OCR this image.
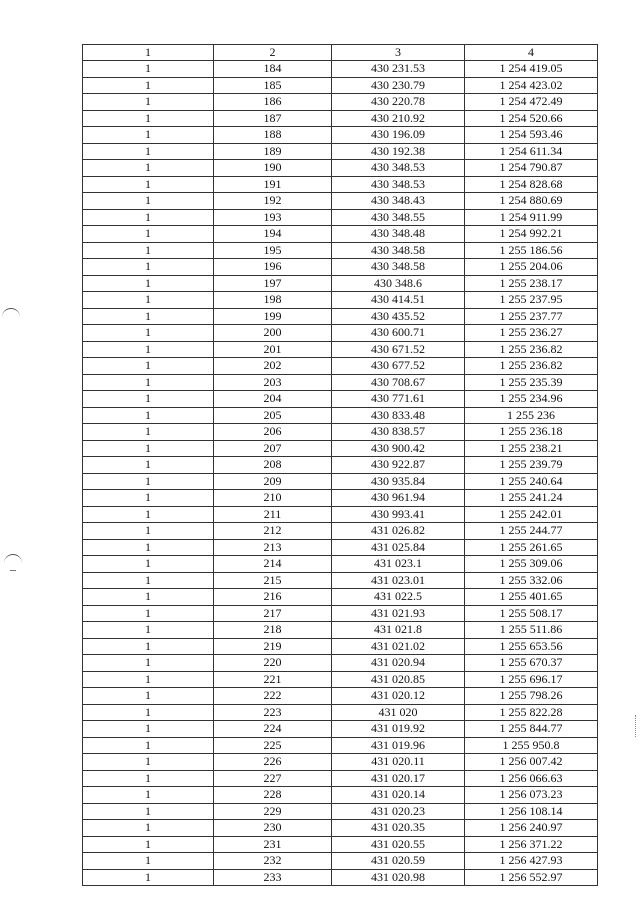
1	2	3	4
1	184	430 231.53	1 254 419.05
1	185	430 230.79	1 254 423.02
1	186	430 220.78	1 254 472.49
1	187	430 210.92	1 254 520.66
1	188	430 196.09	1 254 593.46
1	189	430 192.38	1 254 611.34
1	190	430 348.53	1 254 790.87
1	191	430 348.53	1 254 828.68
1	192	430 348.43	1 254 880.69
1	193	430 348.55	1 254 911.99
1	194	430 348.48	1 254 992.21
1	195	430 348.58	1 255 186.56
1	196	430 348.58	1 255 204.06
1	197	430 348.6	1 255 238.17
1	198	430 414.51	1 255 237.95
1	199	430 435.52	1 255 237.77
1	200	430 600.71	1 255 236.27
1	201	430 671.52	1 255 236.82
1	202	430 677.52	1 255 236.82
1	203	430 708.67	1 255 235.39
1	204	430 771.61	1 255 234.96
1	205	430 833.48	1 255 236
1	206	430 838.57	1 255 236.18
1	207	430 900.42	1 255 238.21
1	208	430 922.87	1 255 239.79
1	209	430 935.84	1 255 240.64
1	210	430 961.94	1 255 241.24
1	211	430 993.41	1 255 242.01
1	212	431 026.82	1 255 244.77
1	213	431 025.84	1 255 261.65
1	214	431 023.1	1 255 309.06
1	215	431 023.01	1 255 332.06
1	216	431 022.5	1 255 401.65
1	217	431 021.93	1 255 508.17
1	218	431 021.8	1 255 511.86
1	219	431 021.02	1 255 653.56
1	220	431 020.94	1 255 670.37
1	221	431 020.85	1 255 696.17
1	222	431 020.12	1 255 798.26
1	223	431 020	1 255 822.28
1	224	431 019.92	1 255 844.77
1	225	431 019.96	1 255 950.8
1	226	431 020.11	1 256 007.42
1	227	431 020.17	1 256 066.63
1	228	431 020.14	1 256 073.23
1	229	431 020.23	1 256 108.14
1	230	431 020.35	1 256 240.97
1	231	431 020.55	1 256 371.22
1	232	431 020.59	1 256 427.93
1	233	431 020.98	1 256 552.97
